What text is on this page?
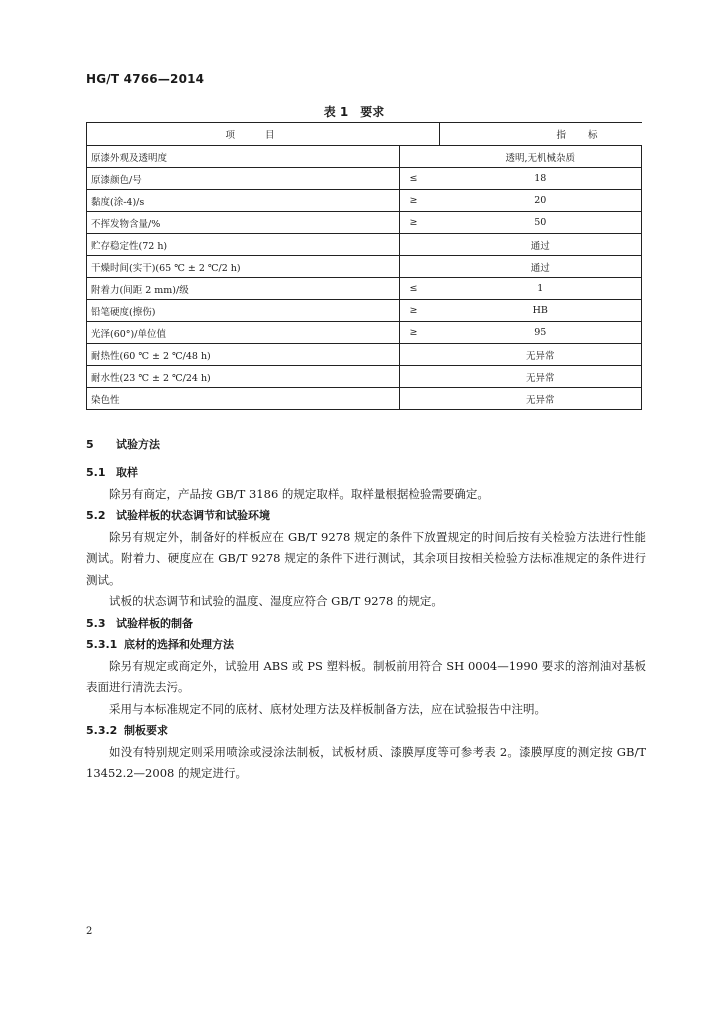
HG/T 4766—2014
表 1　要求
项目		指标
原漆外观及透明度		透明,无机械杂质
原漆颜色/号	≤	18
黏度(涂-4)/s	≥	20
不挥发物含量/%	≥	50
贮存稳定性(72 h)		通过
干燥时间(实干)(65 ℃ ± 2 ℃/2 h)		通过
附着力(间距 2 mm)/级	≤	1
铅笔硬度(擦伤)	≥	HB
光泽(60°)/单位值	≥	95
耐热性(60 ℃ ± 2 ℃/48 h)		无异常
耐水性(23 ℃ ± 2 ℃/24 h)		无异常
染色性		无异常
5 试验方法
5.1 取样
除另有商定，产品按 GB/T 3186 的规定取样。取样量根据检验需要确定。
5.2 试验样板的状态调节和试验环境
除另有规定外，制备好的样板应在 GB/T 9278 规定的条件下放置规定的时间后按有关检验方法进行性能测试。附着力、硬度应在 GB/T 9278 规定的条件下进行测试，其余项目按相关检验方法标准规定的条件进行测试。
试板的状态调节和试验的温度、湿度应符合 GB/T 9278 的规定。
5.3 试验样板的制备
5.3.1 底材的选择和处理方法
除另有规定或商定外，试验用 ABS 或 PS 塑料板。制板前用符合 SH 0004—1990 要求的溶剂油对基板表面进行清洗去污。
采用与本标准规定不同的底材、底材处理方法及样板制备方法，应在试验报告中注明。
5.3.2 制板要求
如没有特别规定则采用喷涂或浸涂法制板，试板材质、漆膜厚度等可参考表 2。漆膜厚度的测定按 GB/T 13452.2—2008 的规定进行。
2
